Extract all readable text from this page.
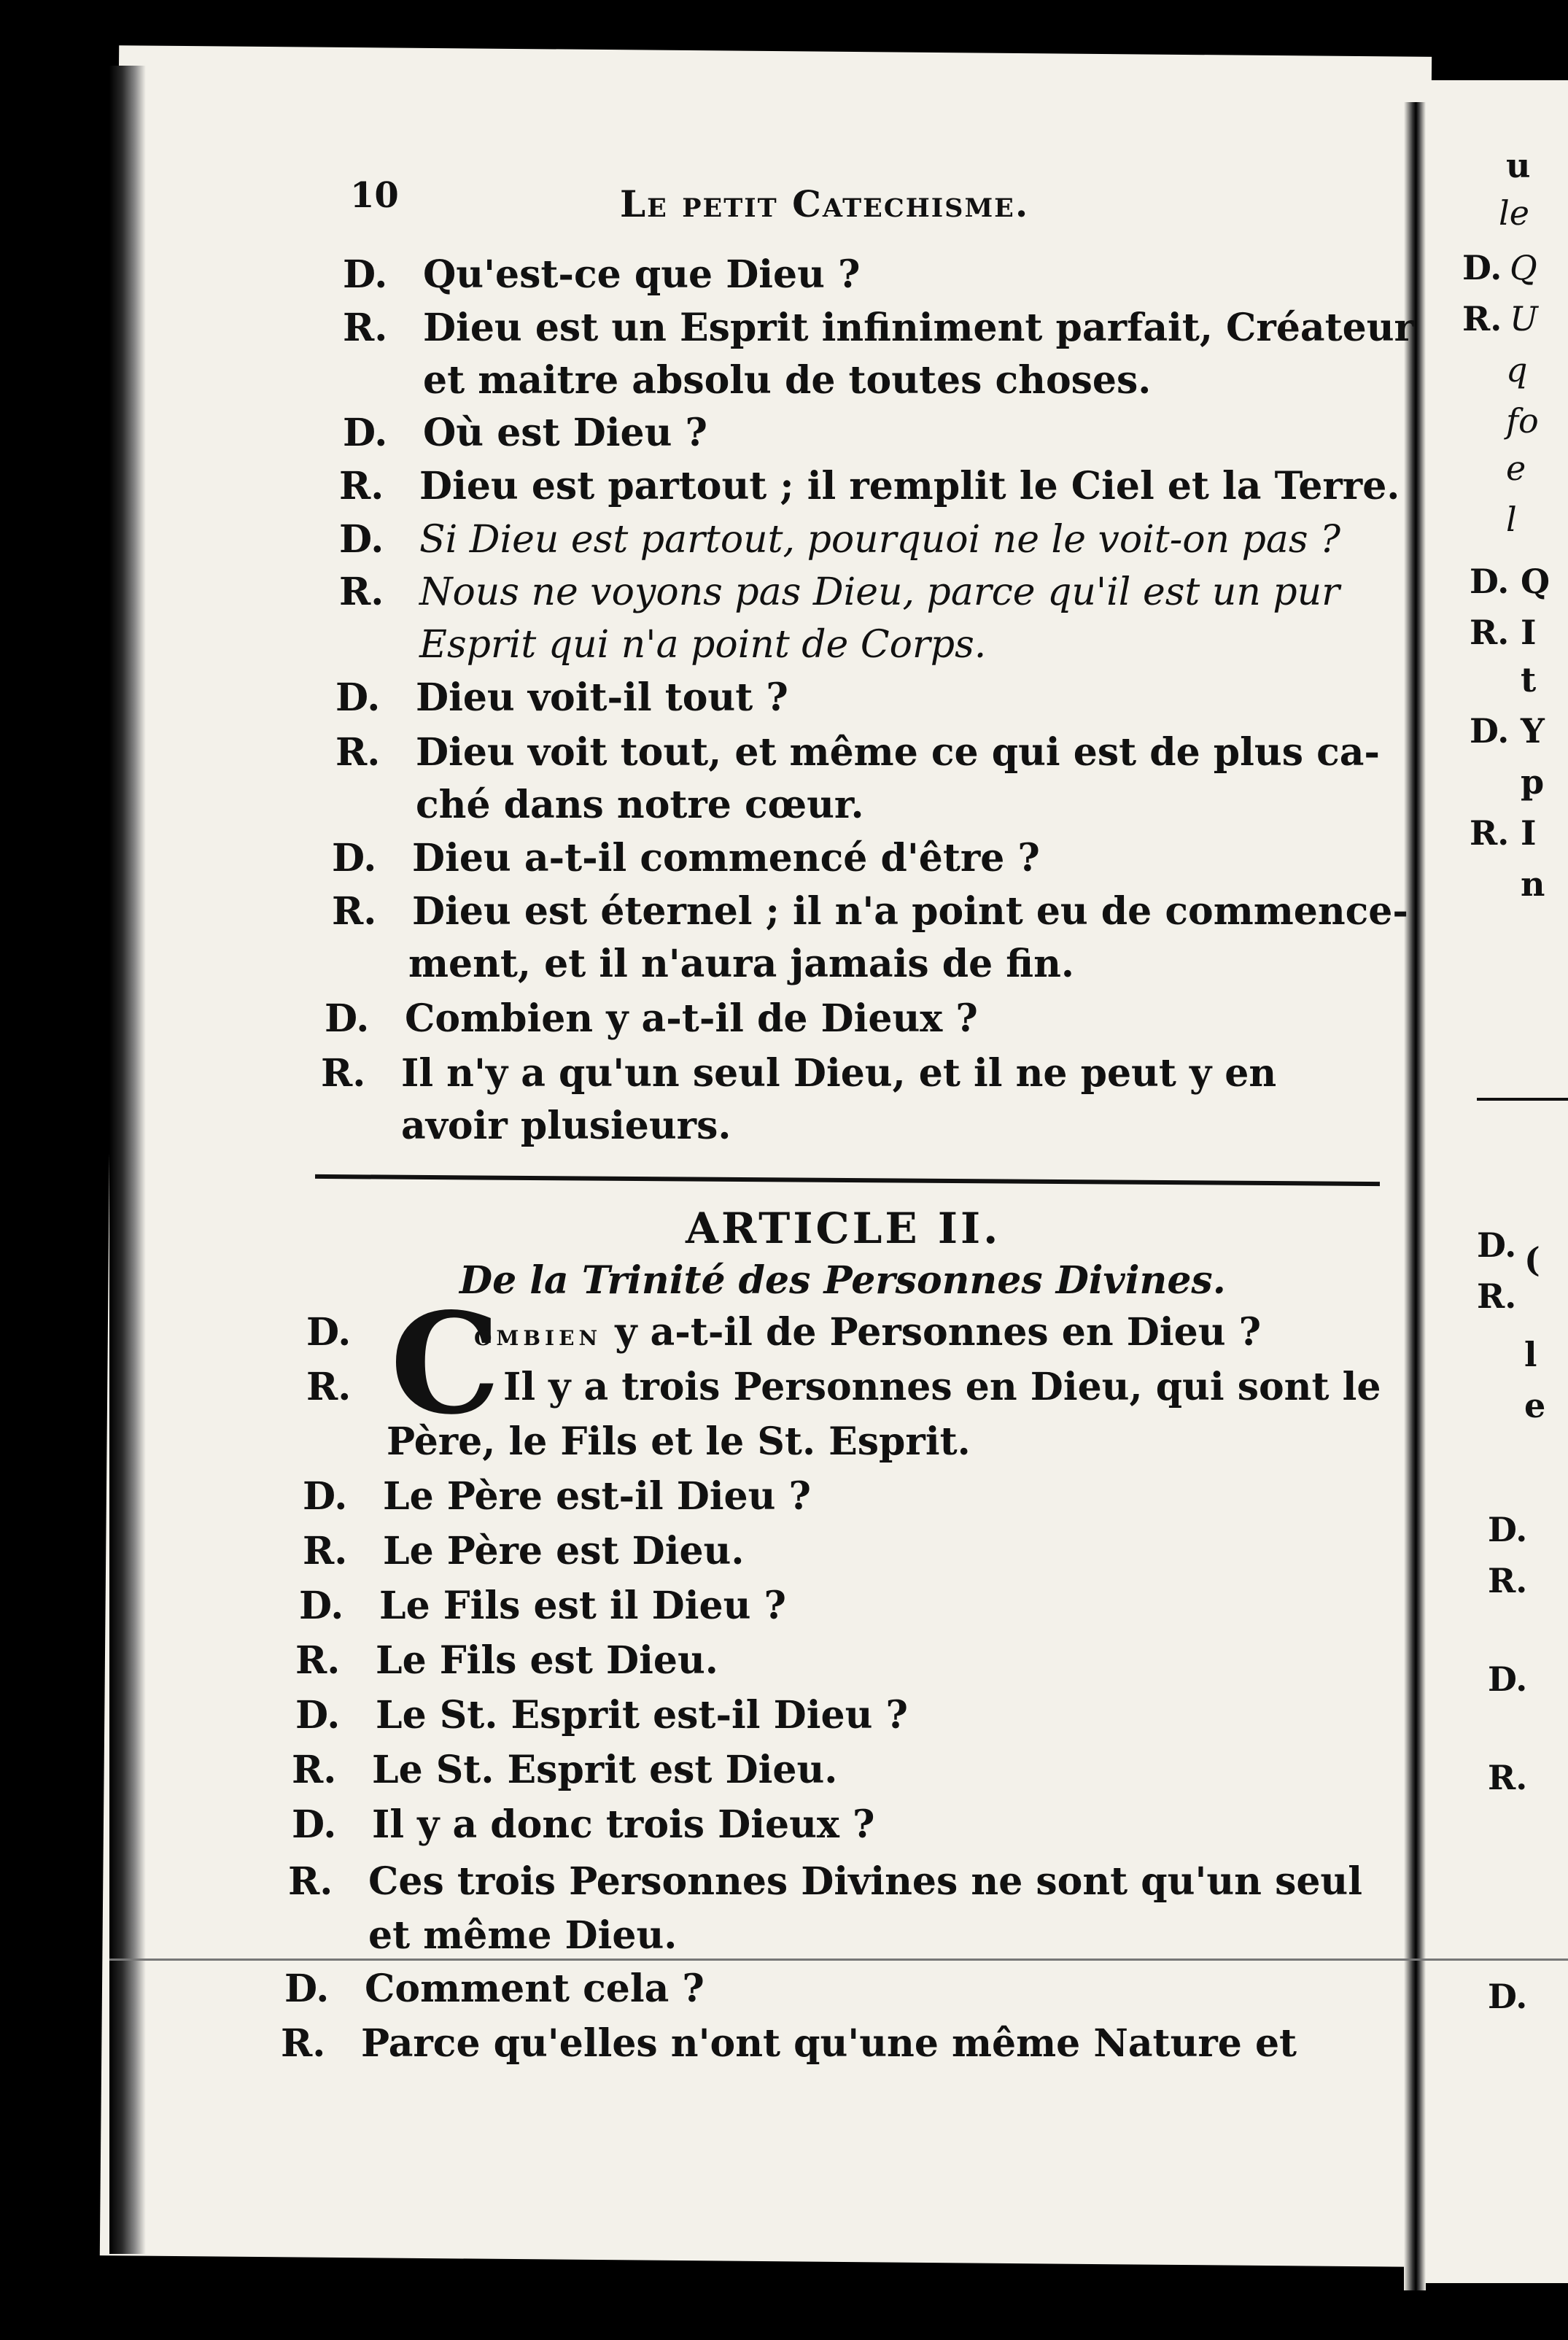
u
le
D. Q
R. U
q
fo
e
l
D. Q
R. I
t
D. Y
p
R. I
n
D.
R.
(
l
e
D.
R.
D.
R.
D.
10	Le petit Catechisme.
D. Qu'est-ce que Dieu ?
R. Dieu est un Esprit infiniment parfait, Créateur
et maitre absolu de toutes choses.
D. Où est Dieu ?
R. Dieu est partout ; il remplit le Ciel et la Terre.
D. Si Dieu est partout, pourquoi ne le voit-on pas ?
R. Nous ne voyons pas Dieu, parce qu'il est un pur
Esprit qui n'a point de Corps.
D. Dieu voit-il tout ?
R. Dieu voit tout, et même ce qui est de plus ca-
ché dans notre cœur.
D. Dieu a-t-il commencé d'être ?
R. Dieu est éternel ; il n'a point eu de commence-
ment, et il n'aura jamais de fin.
D. Combien y a-t-il de Dieux ?
R. Il n'y a qu'un seul Dieu, et il ne peut y en
avoir plusieurs.
ARTICLE II.
De la Trinité des Personnes Divines.
C
D.	ombien y a-t-il de Personnes en Dieu ?
R.	Il y a trois Personnes en Dieu, qui sont le
Père, le Fils et le St. Esprit.
D. Le Père est-il Dieu ?
R. Le Père est Dieu.
D. Le Fils est il Dieu ?
R. Le Fils est Dieu.
D. Le St. Esprit est-il Dieu ?
R. Le St. Esprit est Dieu.
D. Il y a donc trois Dieux ?
R. Ces trois Personnes Divines ne sont qu'un seul
et même Dieu.
D. Comment cela ?
R. Parce qu'elles n'ont qu'une même Nature et
